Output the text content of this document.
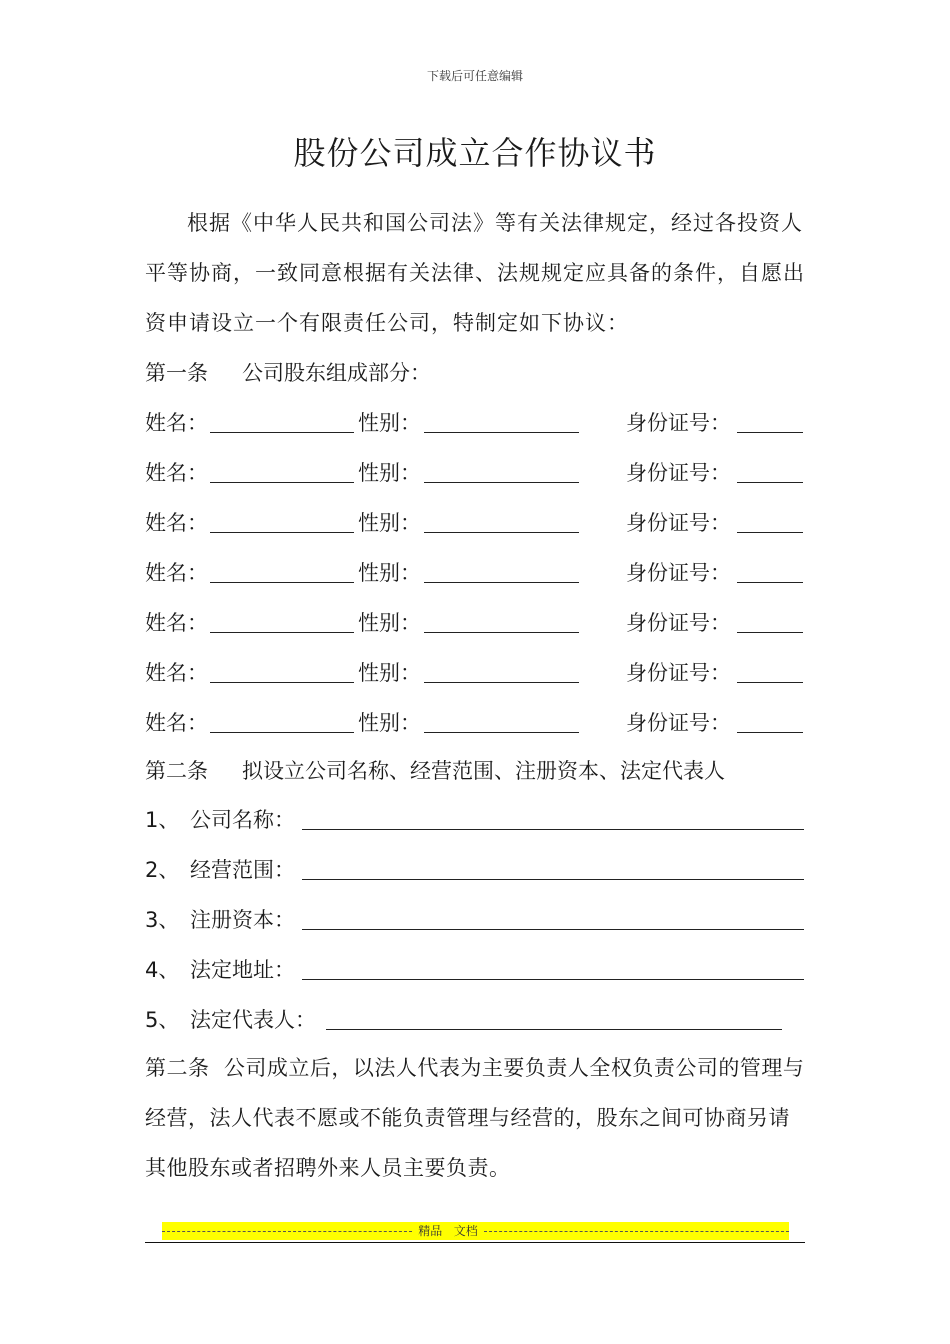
下载后可任意编辑
股份公司成立合作协议书
根据《中华人民共和国公司法》等有关法律规定，经过各投资人平等协商，一致同意根据有关法律、法规规定应具备的条件，自愿出资申请设立一个有限责任公司，特制定如下协议：
第一条 公司股东组成部分：
姓名：	性别：	身份证号：
姓名：	性别：	身份证号：
姓名：	性别：	身份证号：
姓名：	性别：	身份证号：
姓名：	性别：	身份证号：
姓名：	性别：	身份证号：
姓名：	性别：	身份证号：
第二条 拟设立公司名称、经营范围、注册资本、法定代表人
1、 公司名称：
2、 经营范围：
3、 注册资本：
4、 法定地址：
5、 法定代表人：
第二条 公司成立后，以法人代表为主要负责人全权负责公司的管理与经营，法人代表不愿或不能负责管理与经营的，股东之间可协商另请其他股东或者招聘外来人员主要负责。
精品 文档
